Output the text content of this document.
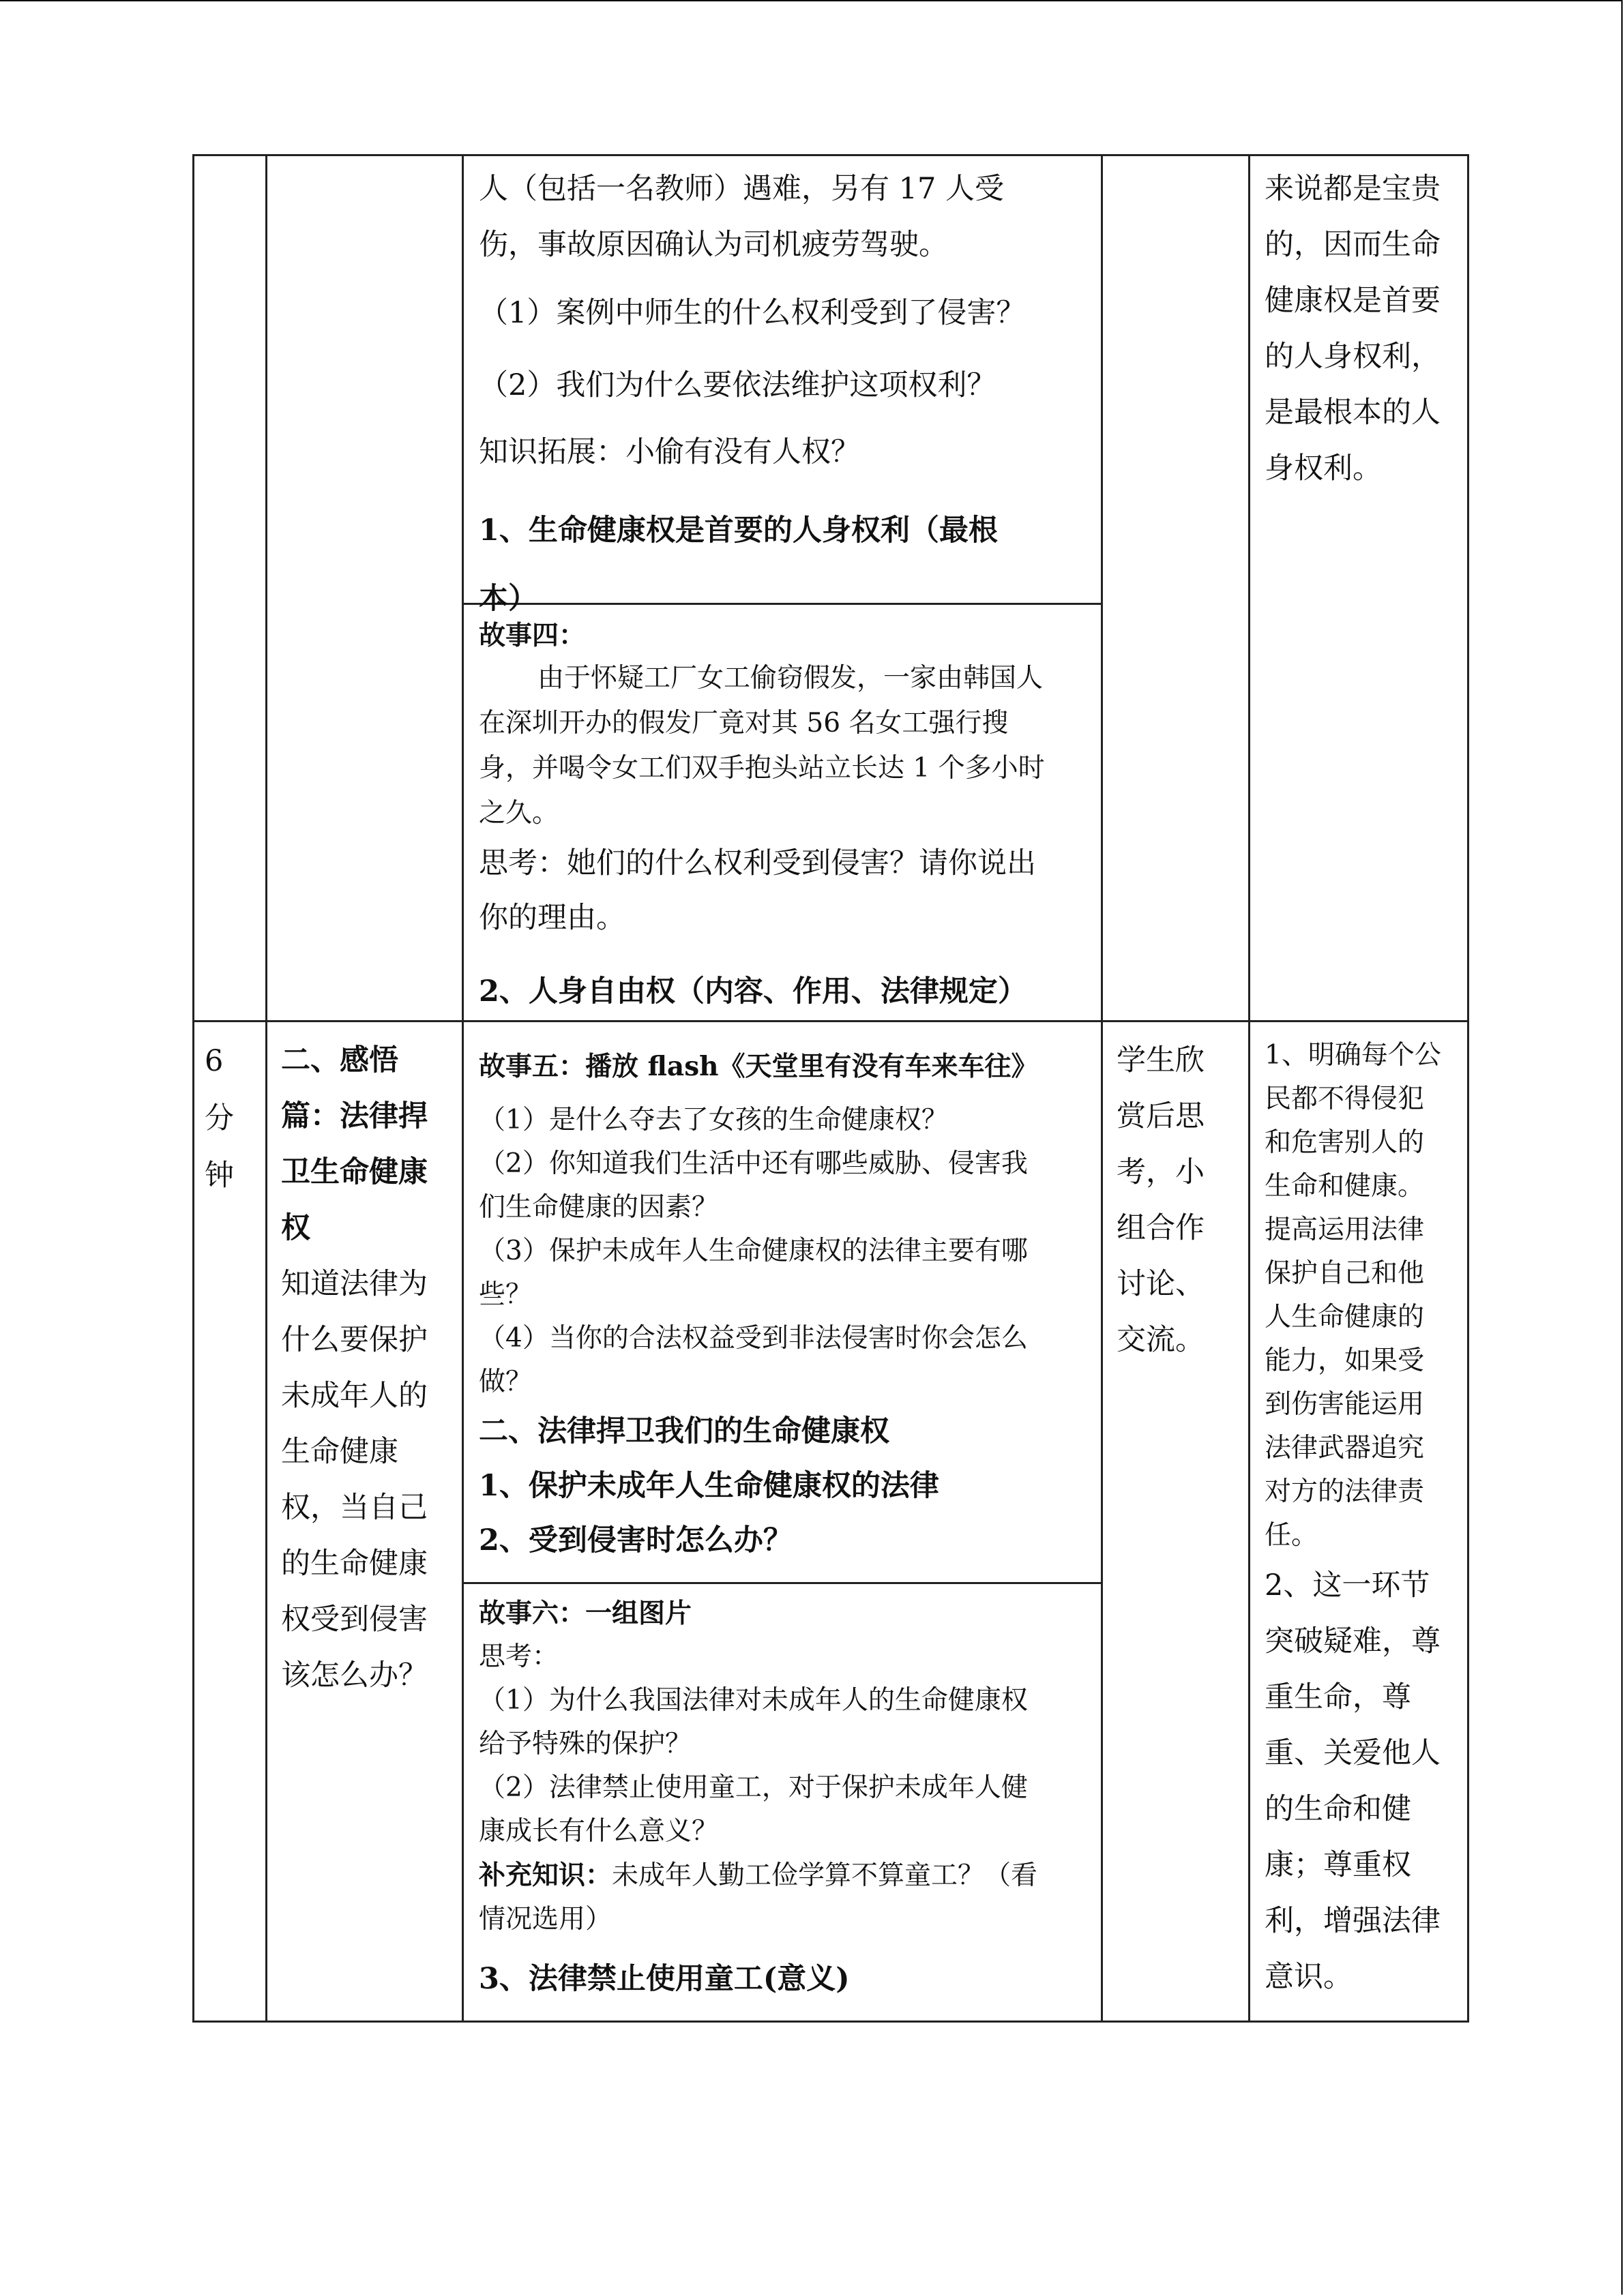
人（包括一名教师）遇难，另有 17 人受

伤，事故原因确认为司机疲劳驾驶。

（1）案例中师生的什么权利受到了侵害？

（2）我们为什么要依法维护这项权利？

知识拓展：小偷有没有人权？

1、生命健康权是首要的人身权利（最根

本）

故事四：

由于怀疑工厂女工偷窃假发，一家由韩国人

在深圳开办的假发厂竟对其 56 名女工强行搜

身，并喝令女工们双手抱头站立长达 1 个多小时

之久。

思考：她们的什么权利受到侵害？请你说出

你的理由。

2、人身自由权（内容、作用、法律规定）

来说都是宝贵

的，因而生命

健康权是首要

的人身权利，

是最根本的人

身权利。

6

分

钟

二、感悟

篇：法律捍

卫生命健康

权

知道法律为

什么要保护

未成年人的

生命健康

权，当自己

的生命健康

权受到侵害

该怎么办？

故事五：播放 flash《天堂里有没有车来车往》

（1）是什么夺去了女孩的生命健康权？

（2）你知道我们生活中还有哪些威胁、侵害我

们生命健康的因素？

（3）保护未成年人生命健康权的法律主要有哪

些？

（4）当你的合法权益受到非法侵害时你会怎么

做？

二、法律捍卫我们的生命健康权

1、保护未成年人生命健康权的法律

2、受到侵害时怎么办？

故事六：一组图片

思考：

（1）为什么我国法律对未成年人的生命健康权

给予特殊的保护？

（2）法律禁止使用童工，对于保护未成年人健

康成长有什么意义？

补充知识：未成年人勤工俭学算不算童工？（看

情况选用）

3、法律禁止使用童工(意义)

学生欣

赏后思

考，小

组合作

讨论、

交流。

1、明确每个公

民都不得侵犯

和危害别人的

生命和健康。

提高运用法律

保护自己和他

人生命健康的

能力，如果受

到伤害能运用

法律武器追究

对方的法律责

任。

2、这一环节

突破疑难，尊

重生命，尊

重、关爱他人

的生命和健

康；尊重权

利，增强法律

意识。
